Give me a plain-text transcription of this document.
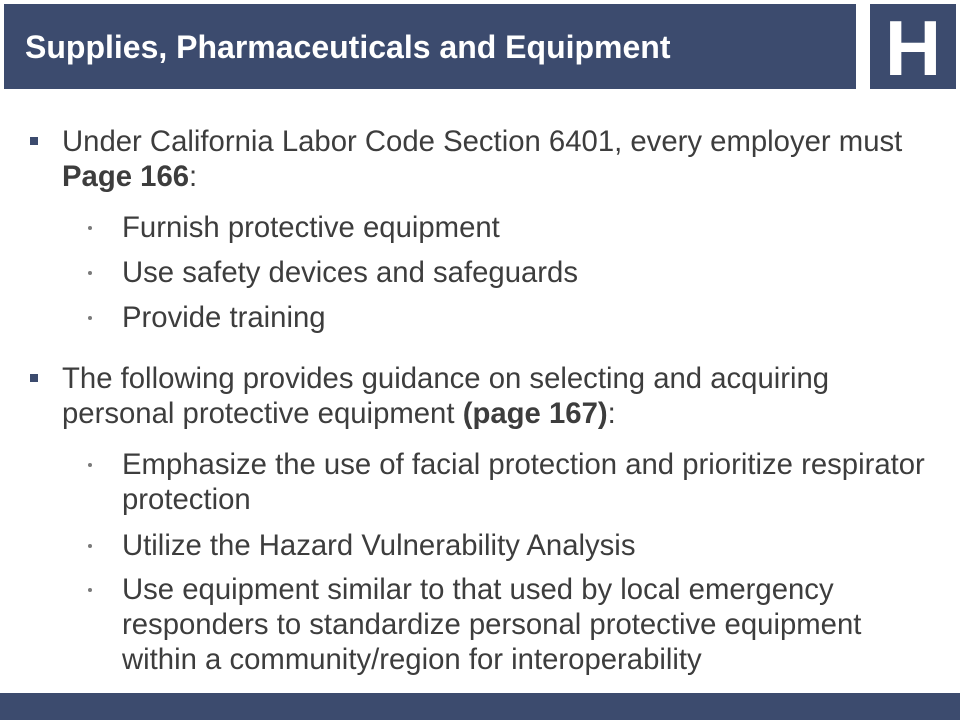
Supplies, Pharmaceuticals and Equipment	H
Under California Labor Code Section 6401, every employer must
Page 166:
Furnish protective equipment
Use safety devices and safeguards
Provide training
The following provides guidance on selecting and acquiring
personal protective equipment (page 167):
Emphasize the use of facial protection and prioritize respirator
protection
Utilize the Hazard Vulnerability Analysis
Use equipment similar to that used by local emergency
responders to standardize personal protective equipment
within a community/region for interoperability
